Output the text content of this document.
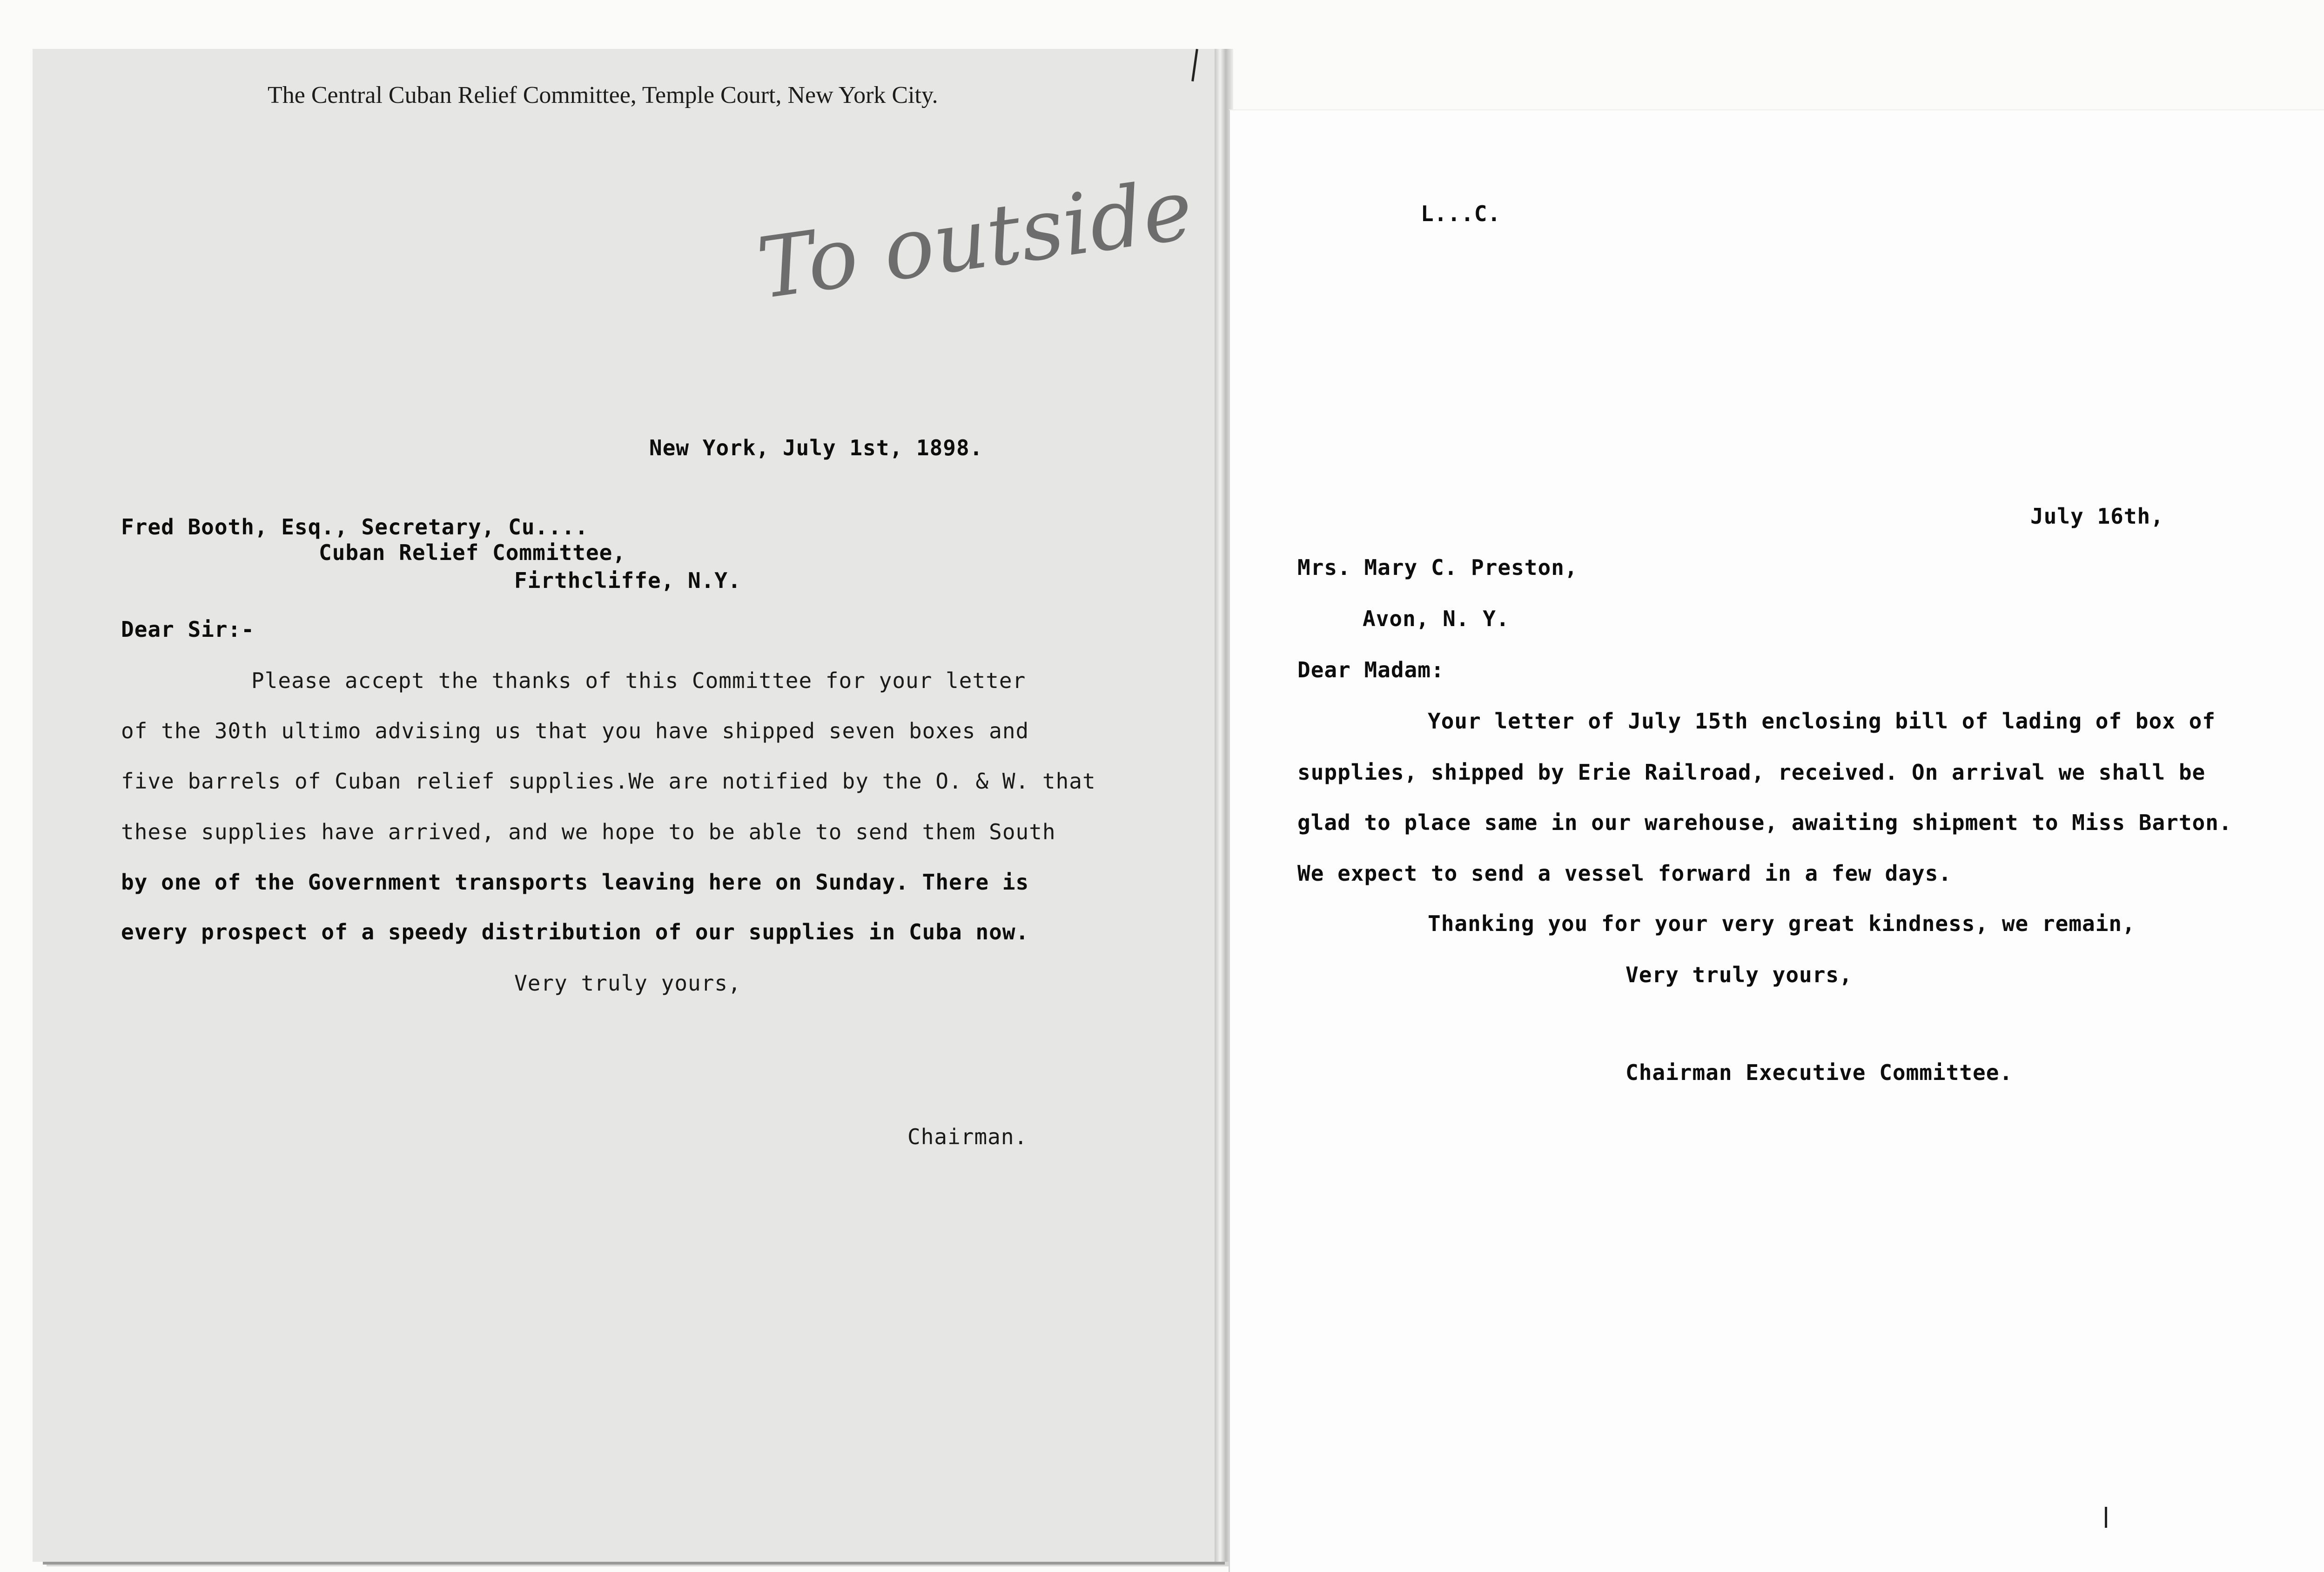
The Central Cuban Relief Committee, Temple Court, New York City.
To outside
New York, July 1st, 1898.
Fred Booth, Esq., Secretary, Cu....
Cuban Relief Committee,
Firthcliffe, N.Y.
Dear Sir:-
Please accept the thanks of this Committee for your letter
of the 30th ultimo advising us that you have shipped seven boxes and
five barrels of Cuban relief supplies.We are notified by the O. & W. that
these supplies have arrived, and we hope to be able to send them South
by one of the Government transports leaving here on Sunday. There is
every prospect of a speedy distribution of our supplies in Cuba now.
Very truly yours,
Chairman.
L...C.
July 16th,
Mrs. Mary C. Preston,
Avon, N. Y.
Dear Madam:
Your letter of July 15th enclosing bill of lading of box of
supplies, shipped by Erie Railroad, received. On arrival we shall be
glad to place same in our warehouse, awaiting shipment to Miss Barton.
We expect to send a vessel forward in a few days.
Thanking you for your very great kindness, we remain,
Very truly yours,
Chairman Executive Committee.
